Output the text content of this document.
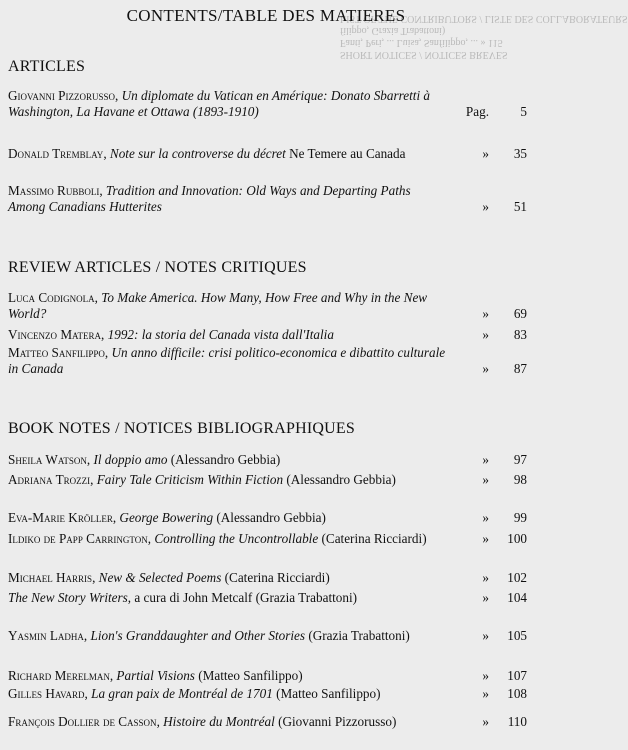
SHORT NOTICES / NOTICES BREVES
Fanti, Peri, ... Luisa, Sanfilippo, ... » 115
filippo, Grazia Trabattoni)
LIST OF THE CONTRIBUTORS / LISTE DES COLLABORATEURS
CONTENTS/TABLE DES MATIERES
ARTICLES
Giovanni Pizzorusso, Un diplomate du Vatican en Amérique: Donato Sbarretti à Washington, La Havane et Ottawa (1893-1910)	Pag.	5
Donald Tremblay, Note sur la controverse du décret Ne Temere au Canada	»	35
Massimo Rubboli, Tradition and Innovation: Old Ways and Departing Paths Among Canadians Hutterites	»	51
REVIEW ARTICLES / NOTES CRITIQUES
Luca Codignola, To Make America. How Many, How Free and Why in the New World?	»	69
Vincenzo Matera, 1992: la storia del Canada vista dall'Italia	»	83
Matteo Sanfilippo, Un anno difficile: crisi politico-economica e dibattito culturale in Canada	»	87
BOOK NOTES / NOTICES BIBLIOGRAPHIQUES
Sheila Watson, Il doppio amo (Alessandro Gebbia)	»	97
Adriana Trozzi, Fairy Tale Criticism Within Fiction (Alessandro Gebbia)	»	98
Eva-Marie Kröller, George Bowering (Alessandro Gebbia)	»	99
Ildiko de Papp Carrington, Controlling the Uncontrollable (Caterina Ricciardi)	»	100
Michael Harris, New & Selected Poems (Caterina Ricciardi)	»	102
The New Story Writers, a cura di John Metcalf (Grazia Trabattoni)	»	104
Yasmin Ladha, Lion's Granddaughter and Other Stories (Grazia Trabattoni)	»	105
Richard Merelman, Partial Visions (Matteo Sanfilippo)	»	107
Gilles Havard, La gran paix de Montréal de 1701 (Matteo Sanfilippo)	»	108
François Dollier de Casson, Histoire du Montréal (Giovanni Pizzorusso)	»	110
